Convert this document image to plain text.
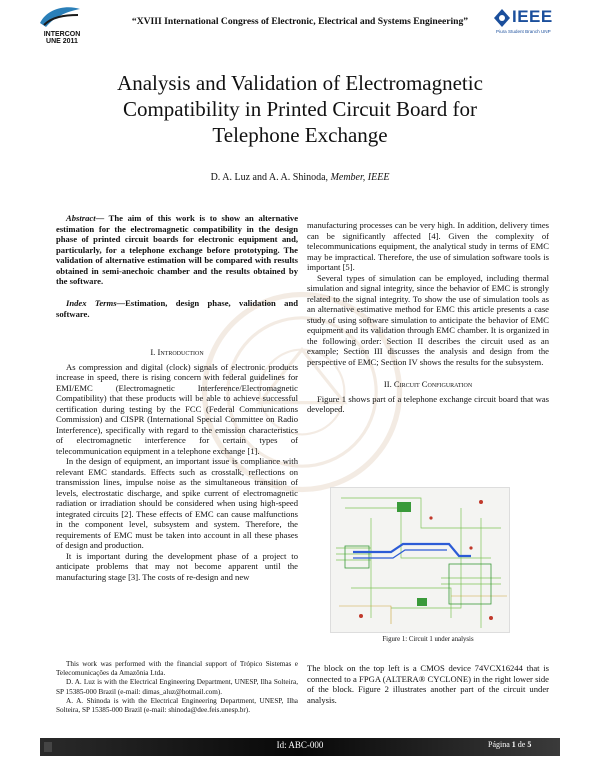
INTERCON
UNE 2011
“XVIII International Congress of Electronic, Electrical and Systems Engineering”	IEEE
Piura Student Branch UNP
Analysis and Validation of Electromagnetic
Compatibility in Printed Circuit Board for
Telephone Exchange
D. A. Luz and A. A. Shinoda, Member, IEEE

Abstract— The aim of this work is to show an alternative estimation for the electromagnetic compatibility in the design phase of printed circuit boards for electronic equipment and, particularly, for a telephone exchange before prototyping. The validation of alternative estimation will be compared with results obtained in semi-anechoic chamber and the results obtained by the software.

Index Terms—Estimation, design phase, validation and software.

I. Introduction

As compression and digital (clock) signals of electronic products increase in speed, there is rising concern with federal guidelines for EMI/EMC (Electromagnetic Interference/Electromagnetic Compatibility) that these products will be able to achieve successful certification during testing by the FCC (Federal Communications Commission) and CISPR (International Special Committee on Radio Interference), specifically with regard to the emission characteristics of electromagnetic interference for certain types of telecommunication equipment in a telephone exchange [1].

In the design of equipment, an important issue is compliance with relevant EMC standards. Effects such as crosstalk, reflections on transmission lines, impulse noise as the simultaneous transition of levels, electrostatic discharge, and spike current of electromagnetic radiation or irradiation should be considered when using high-speed integrated circuits [2]. These effects of EMC can cause malfunctions in the component level, subsystem and system. Therefore, the requirements of EMC must be taken into account in all these phases of design and production.

It is important during the development phase of a project to anticipate problems that may not become apparent until the manufacturing stage [3]. The costs of re-design and new

This work was performed with the financial support of Trópico Sistemas e Telecomunicações da Amazônia Ltda.

D. A. Luz is with the Electrical Engineering Department, UNESP, Ilha Solteira, SP 15385-000 Brazil (e-mail: dimas_aluz@hotmail.com).

A. A. Shinoda is with the Electrical Engineering Department, UNESP, Ilha Solteira, SP 15385-000 Brazil (e-mail: shinoda@dee.feis.unesp.br).

manufacturing processes can be very high. In addition, delivery times can be significantly affected [4]. Given the complexity of telecommunications equipment, the analytical study in terms of EMC may be impractical. Therefore, the use of simulation software tools is important [5].

Several types of simulation can be employed, including thermal simulation and signal integrity, since the behavior of EMC is strongly related to the signal integrity. To show the use of simulation tools as an alternative estimative method for EMC this article presents a case study of using software simulation to anticipate the behavior of EMC equipment and its validation through EMC chamber. It is organized in the following order: Section II describes the circuit used as an example; Section III discusses the analysis and design from the perspective of EMC; Section IV shows the results for the subsystem.

II. Circuit Configuration

Figure 1 shows part of a telephone exchange circuit board that was developed.

Figure 1: Circuit 1 under analysis
The block on the top left is a CMOS device 74VCX16244 that is connected to a FPGA (ALTERA® CYCLONE) in the right lower side of the block. Figure 2 illustrates another part of the circuit under analysis.
Id: ABC-000	Página 1 de 5
